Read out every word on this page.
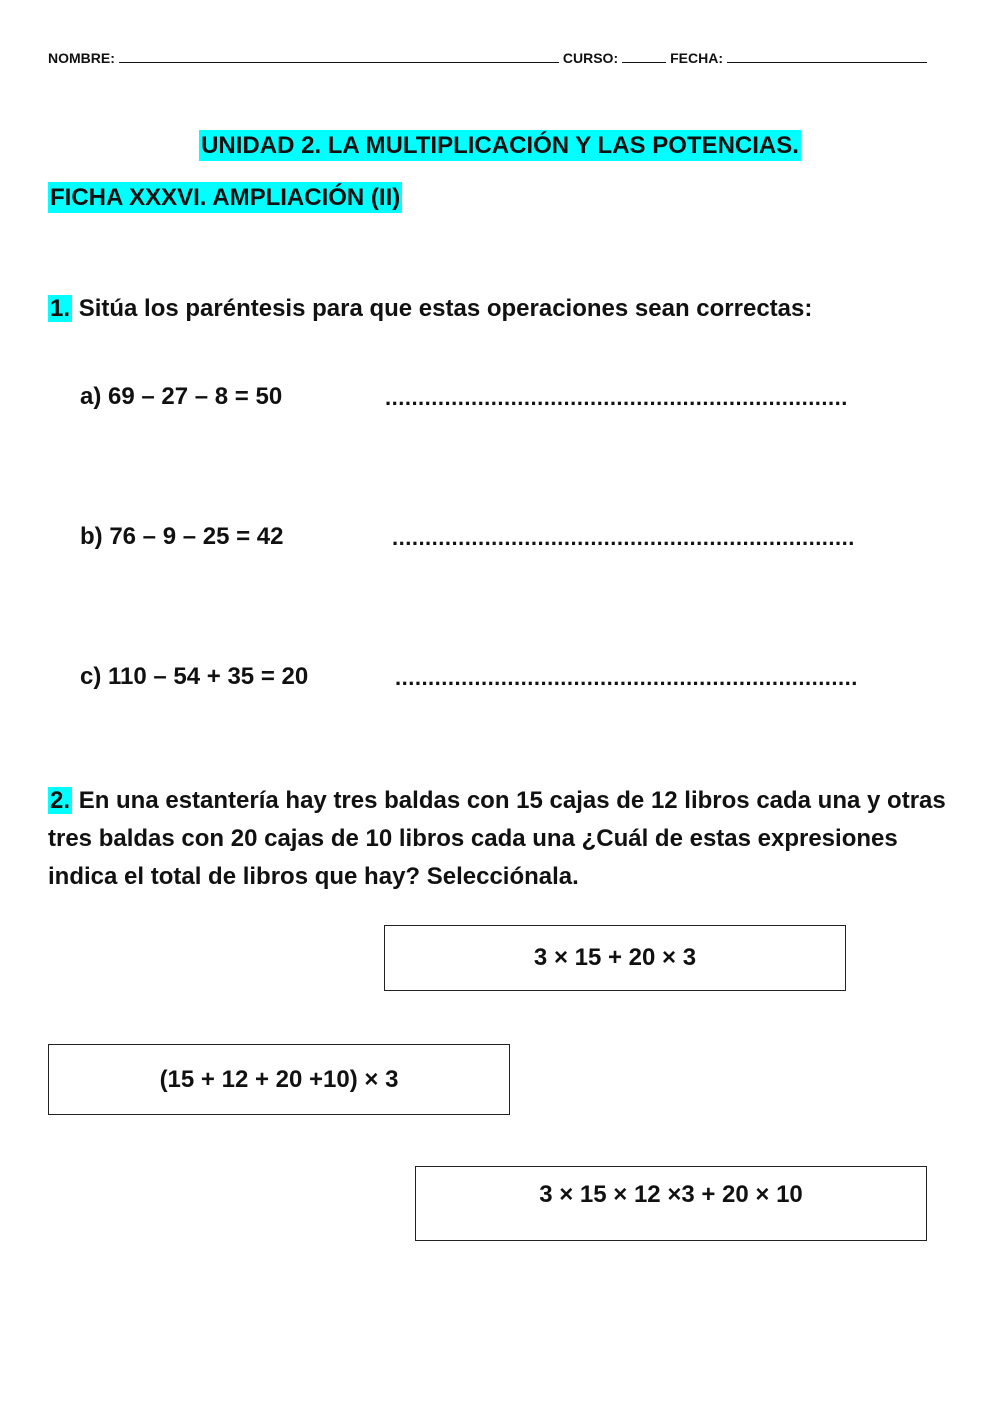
NOMBRE:	CURSO:	FECHA:
UNIDAD 2. LA MULTIPLICACIÓN Y LAS POTENCIAS.
FICHA XXXVI. AMPLIACIÓN (II)
1. Sitúa los paréntesis para que estas operaciones sean correctas:
a) 69 – 27 – 8 = 50	......................................................................
b) 76 – 9 – 25 = 42	......................................................................
c) 110 – 54 + 35 = 20	......................................................................
2. En una estantería hay tres baldas con 15 cajas de 12 libros cada una y otras tres baldas con 20 cajas de 10 libros cada una ¿Cuál de estas expresiones indica el total de libros que hay? Selecciónala.
3 × 15 + 20 × 3
(15 + 12 + 20 +10) × 3
3 × 15 × 12 ×3 + 20 × 10
